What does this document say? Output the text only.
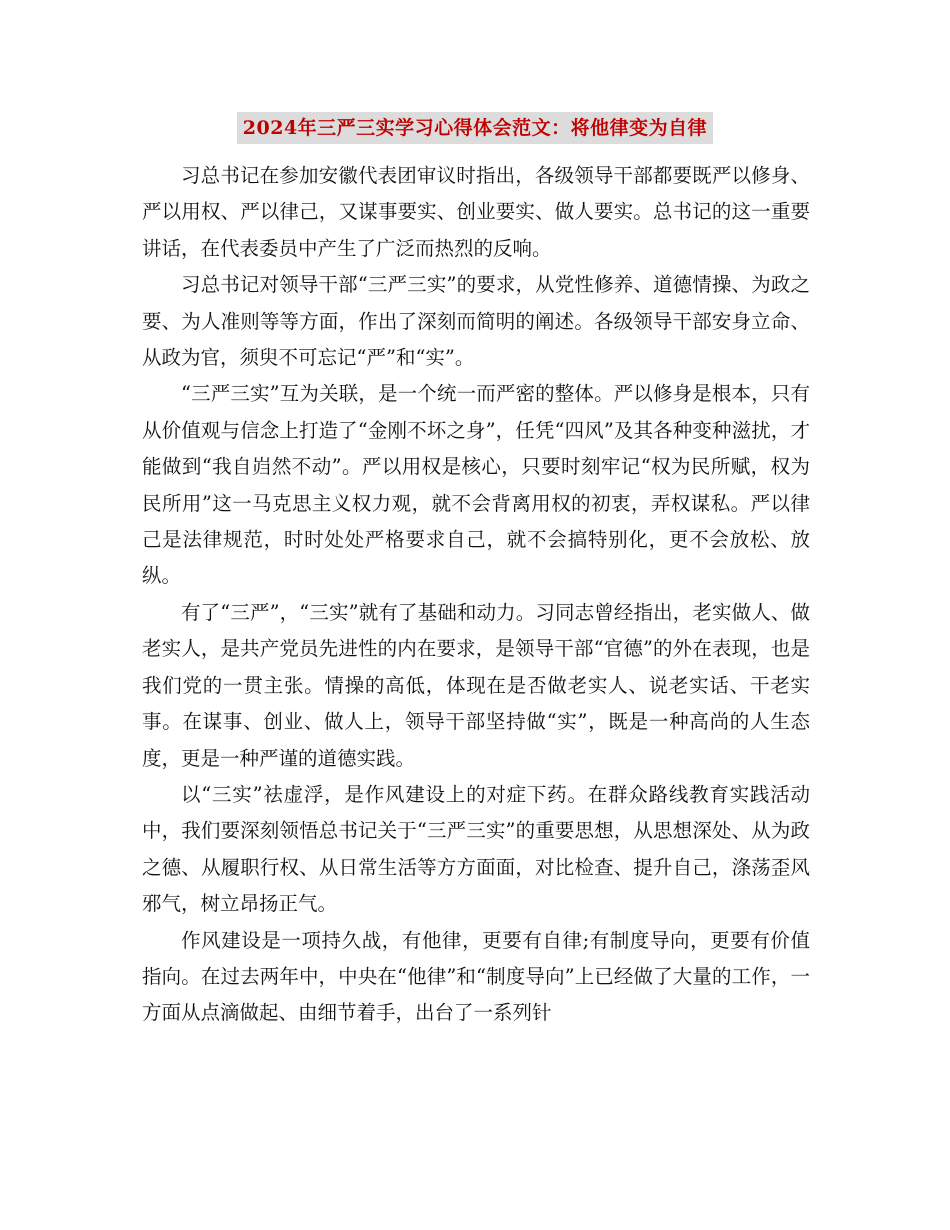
2024年三严三实学习心得体会范文：将他律变为自律

习总书记在参加安徽代表团审议时指出，各级领导干部都要既严以修身、严以用权、严以律己，又谋事要实、创业要实、做人要实。总书记的这一重要讲话，在代表委员中产生了广泛而热烈的反响。

习总书记对领导干部“三严三实”的要求，从党性修养、道德情操、为政之要、为人准则等等方面，作出了深刻而简明的阐述。各级领导干部安身立命、从政为官，须臾不可忘记“严”和“实”。

“三严三实”互为关联，是一个统一而严密的整体。严以修身是根本，只有从价值观与信念上打造了“金刚不坏之身”，任凭“四风”及其各种变种滋扰，才能做到“我自岿然不动”。严以用权是核心，只要时刻牢记“权为民所赋，权为民所用”这一马克思主义权力观，就不会背离用权的初衷，弄权谋私。严以律己是法律规范，时时处处严格要求自己，就不会搞特别化，更不会放松、放纵。

有了“三严”，“三实”就有了基础和动力。习同志曾经指出，老实做人、做老实人，是共产党员先进性的内在要求，是领导干部“官德”的外在表现，也是我们党的一贯主张。情操的高低，体现在是否做老实人、说老实话、干老实事。在谋事、创业、做人上，领导干部坚持做“实”，既是一种高尚的人生态度，更是一种严谨的道德实践。

以“三实”祛虚浮，是作风建设上的对症下药。在群众路线教育实践活动中，我们要深刻领悟总书记关于“三严三实”的重要思想，从思想深处、从为政之德、从履职行权、从日常生活等方方面面，对比检查、提升自己，涤荡歪风邪气，树立昂扬正气。

作风建设是一项持久战，有他律，更要有自律;有制度导向，更要有价值指向。在过去两年中，中央在“他律”和“制度导向”上已经做了大量的工作，一方面从点滴做起、由细节着手，出台了一系列针
